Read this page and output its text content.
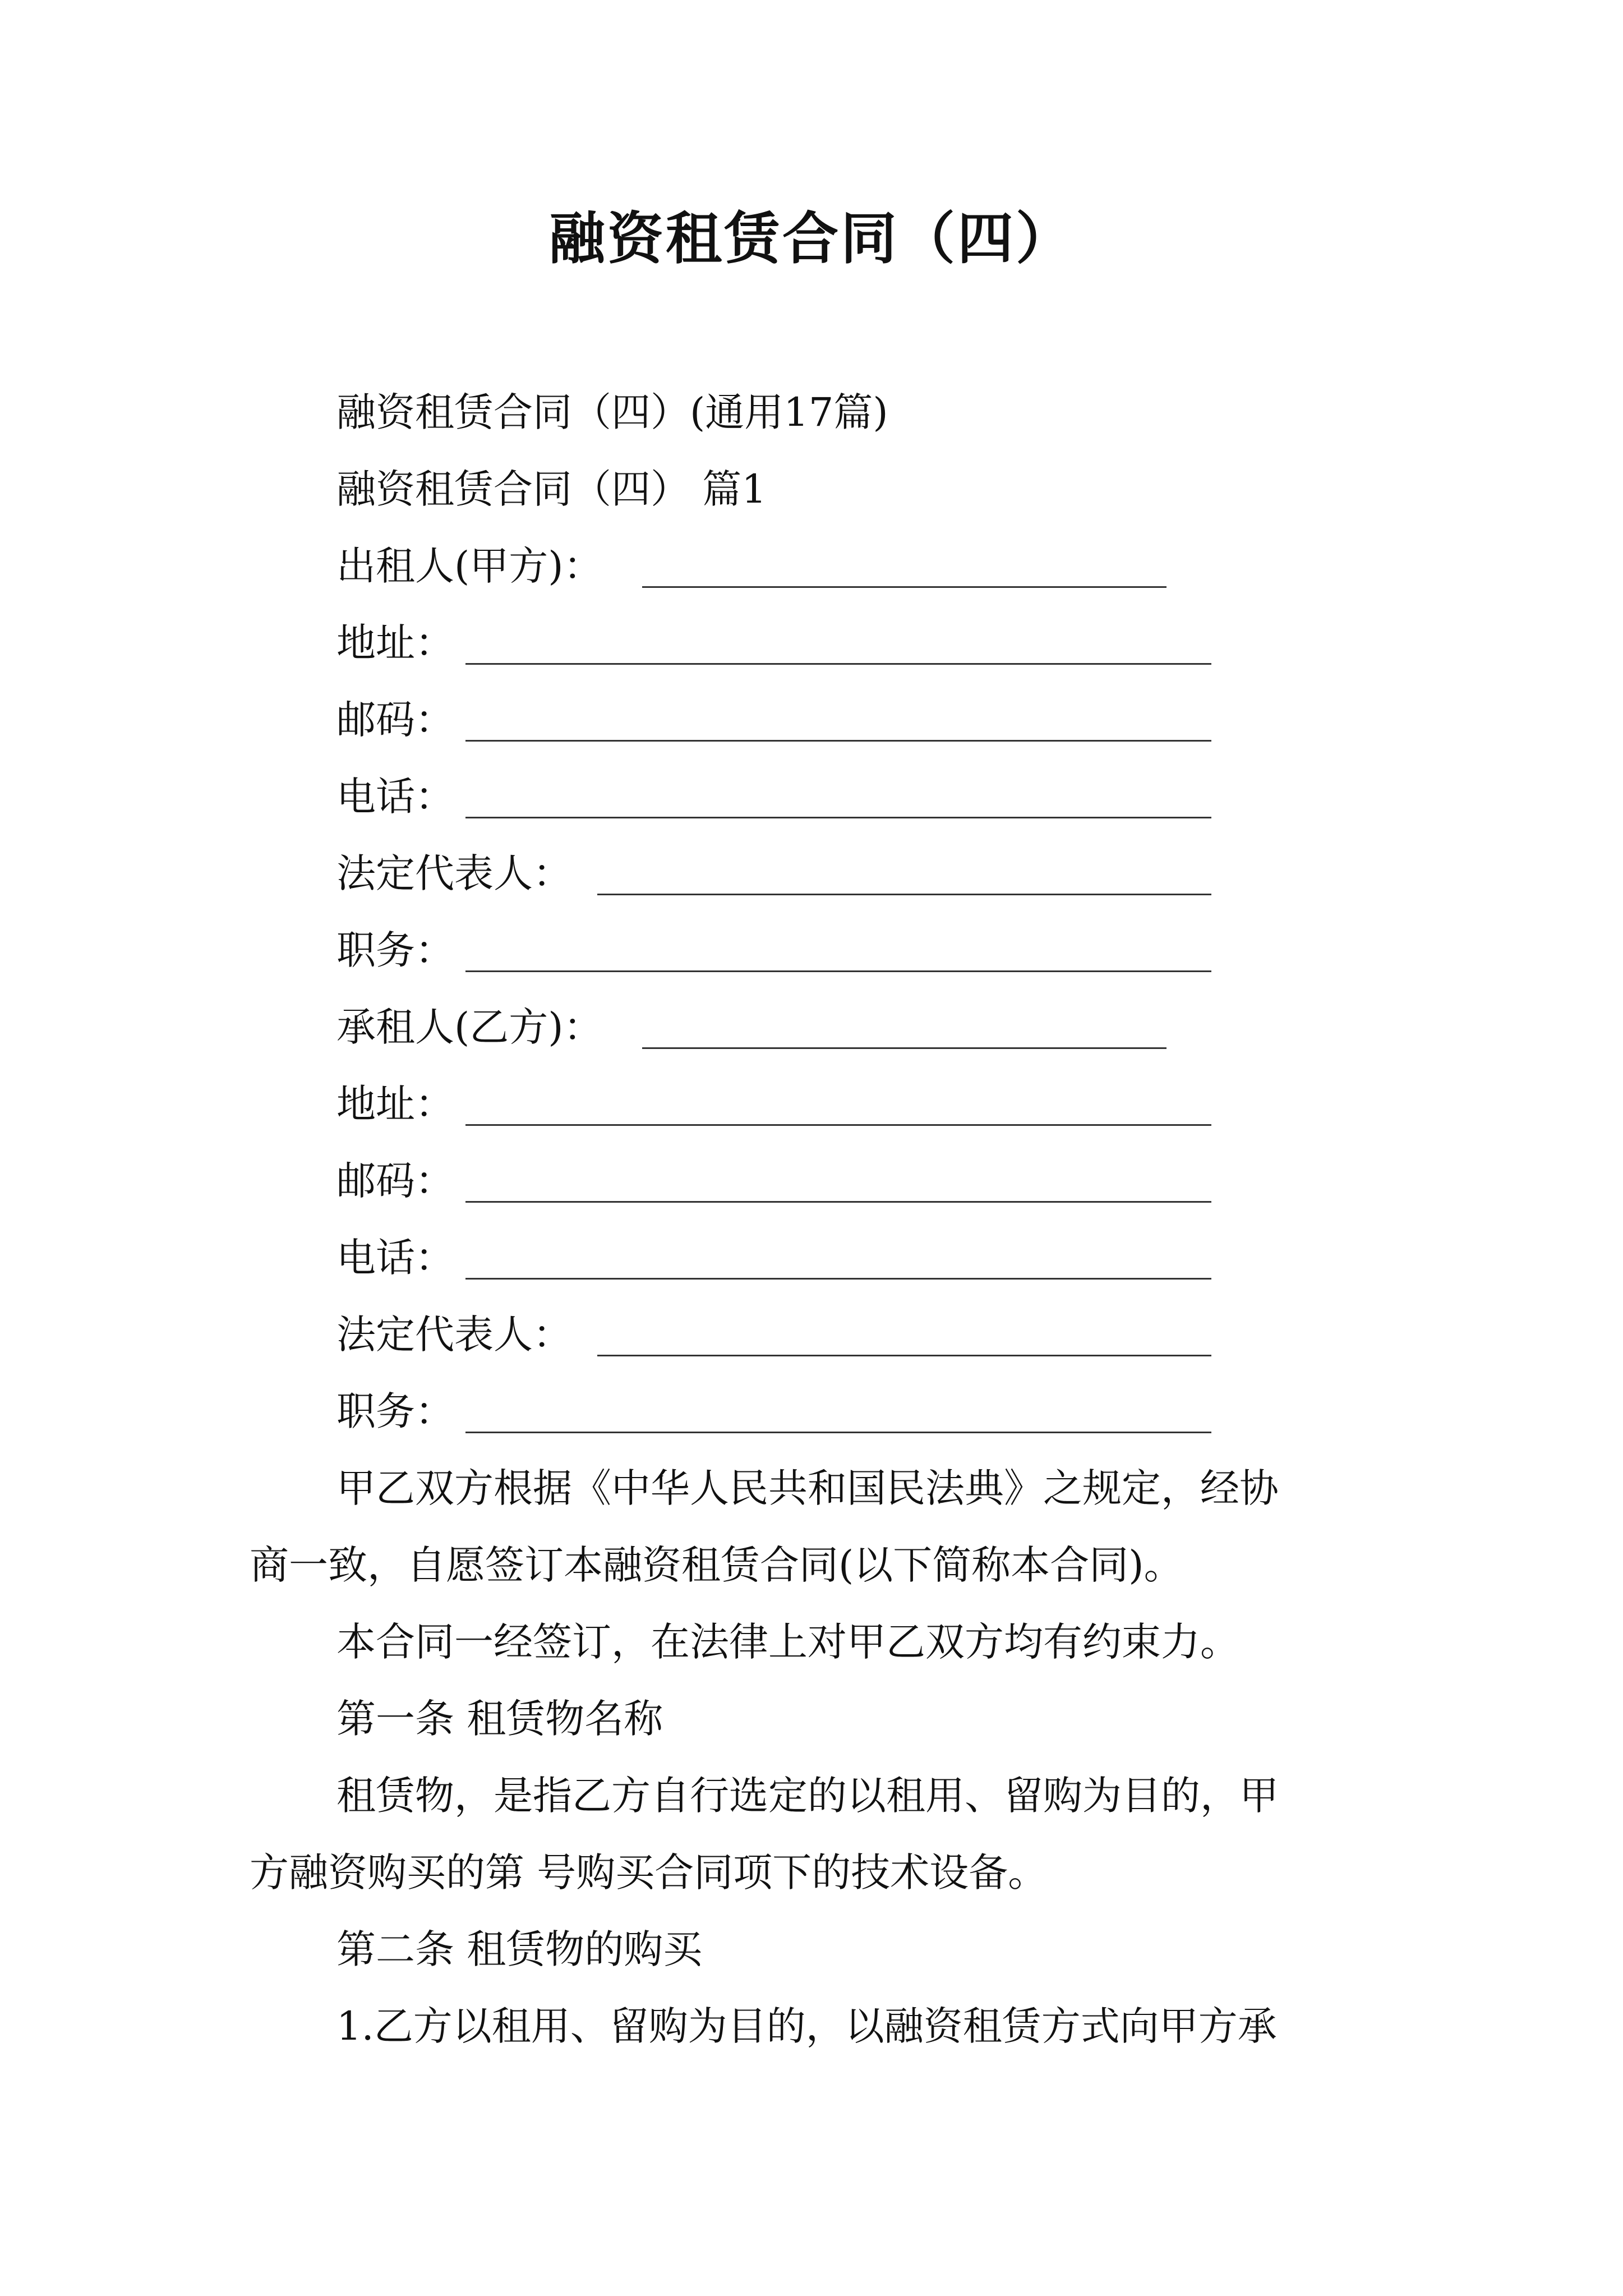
融资租赁合同（四）
融资租赁合同（四）(通用17篇)
融资租赁合同（四） 篇1
出租人(甲方)：
地址：
邮码：
电话：
法定代表人：
职务：
承租人(乙方)：
地址：
邮码：
电话：
法定代表人：
职务：
甲乙双方根据《中华人民共和国民法典》之规定，经协
商一致，自愿签订本融资租赁合同(以下简称本合同)。
本合同一经签订，在法律上对甲乙双方均有约束力。
第一条 租赁物名称
租赁物，是指乙方自行选定的以租用、留购为目的，甲
方融资购买的第 号购买合同项下的技术设备。
第二条 租赁物的购买
1.乙方以租用、留购为目的，以融资租赁方式向甲方承
